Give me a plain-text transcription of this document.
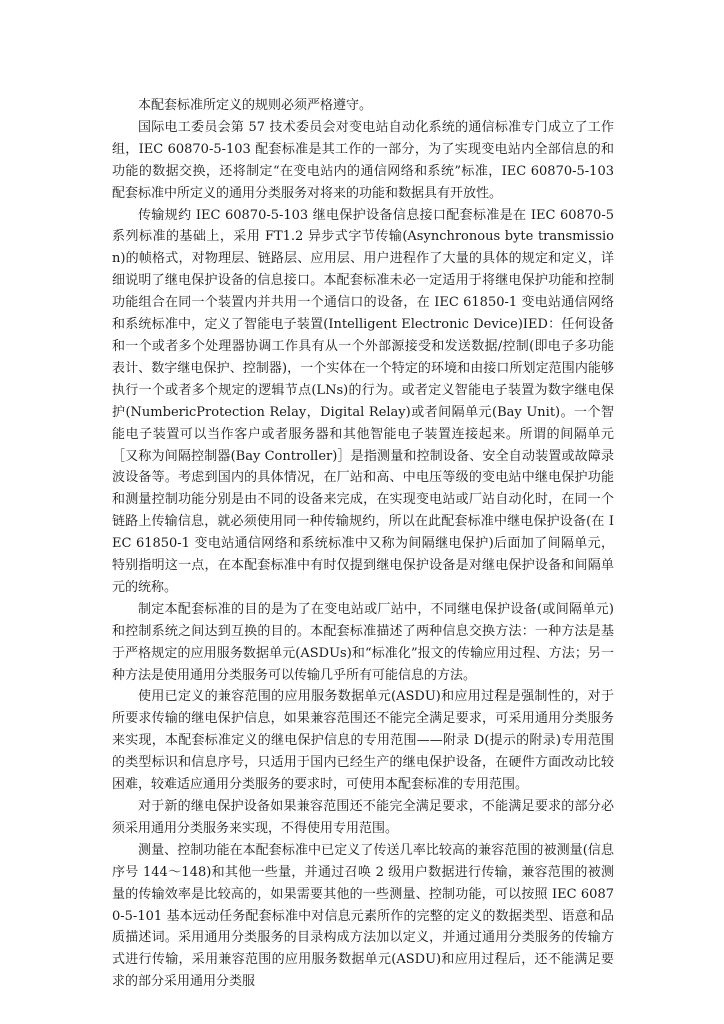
本配套标准所定义的规则必须严格遵守。

国际电工委员会第 57 技术委员会对变电站自动化系统的通信标准专门成立了工作组，IEC 60870-5-103 配套标准是其工作的一部分，为了实现变电站内全部信息的和功能的数据交换，还将制定“在变电站内的通信网络和系统”标准，IEC 60870-5-103 配套标准中所定义的通用分类服务对将来的功能和数据具有开放性。

传输规约 IEC 60870-5-103 继电保护设备信息接口配套标准是在 IEC 60870-5 系列标准的基础上，采用 FT1.2 异步式字节传输(Asynchronous byte transmission)的帧格式，对物理层、链路层、应用层、用户进程作了大量的具体的规定和定义，详细说明了继电保护设备的信息接口。本配套标准未必一定适用于将继电保护功能和控制功能组合在同一个装置内并共用一个通信口的设备，在 IEC 61850-1 变电站通信网络和系统标准中，定义了智能电子装置(Intelligent Electronic Device)IED：任何设备和一个或者多个处理器协调工作具有从一个外部源接受和发送数据/控制(即电子多功能表计、数字继电保护、控制器)，一个实体在一个特定的环境和由接口所划定范围内能够执行一个或者多个规定的逻辑节点(LNs)的行为。或者定义智能电子装置为数字继电保护(NumbericProtection Relay，Digital Relay)或者间隔单元(Bay Unit)。一个智能电子装置可以当作客户或者服务器和其他智能电子装置连接起来。所谓的间隔单元［又称为间隔控制器(Bay Controller)］是指测量和控制设备、安全自动装置或故障录波设备等。考虑到国内的具体情况，在厂站和高、中电压等级的变电站中继电保护功能和测量控制功能分别是由不同的设备来完成，在实现变电站或厂站自动化时，在同一个链路上传输信息，就必须使用同一种传输规约，所以在此配套标准中继电保护设备(在 IEC 61850-1 变电站通信网络和系统标准中又称为间隔继电保护)后面加了间隔单元，特别指明这一点，在本配套标准中有时仅提到继电保护设备是对继电保护设备和间隔单元的统称。

制定本配套标准的目的是为了在变电站或厂站中，不同继电保护设备(或间隔单元)和控制系统之间达到互换的目的。本配套标准描述了两种信息交换方法：一种方法是基于严格规定的应用服务数据单元(ASDUs)和“标准化”报文的传输应用过程、方法；另一种方法是使用通用分类服务可以传输几乎所有可能信息的方法。

使用已定义的兼容范围的应用服务数据单元(ASDU)和应用过程是强制性的，对于所要求传输的继电保护信息，如果兼容范围还不能完全满足要求，可采用通用分类服务来实现，本配套标准定义的继电保护信息的专用范围——附录 D(提示的附录)专用范围的类型标识和信息序号，只适用于国内已经生产的继电保护设备，在硬件方面改动比较困难，较难适应通用分类服务的要求时，可使用本配套标准的专用范围。

对于新的继电保护设备如果兼容范围还不能完全满足要求，不能满足要求的部分必须采用通用分类服务来实现，不得使用专用范围。

测量、控制功能在本配套标准中已定义了传送几率比较高的兼容范围的被测量(信息序号 144～148)和其他一些量，并通过召唤 2 级用户数据进行传输，兼容范围的被测量的传输效率是比较高的，如果需要其他的一些测量、控制功能，可以按照 IEC 60870-5-101 基本远动任务配套标准中对信息元素所作的完整的定义的数据类型、语意和品质描述词。采用通用分类服务的目录构成方法加以定义，并通过通用分类服务的传输方式进行传输，采用兼容范围的应用服务数据单元(ASDU)和应用过程后，还不能满足要求的部分采用通用分类服
